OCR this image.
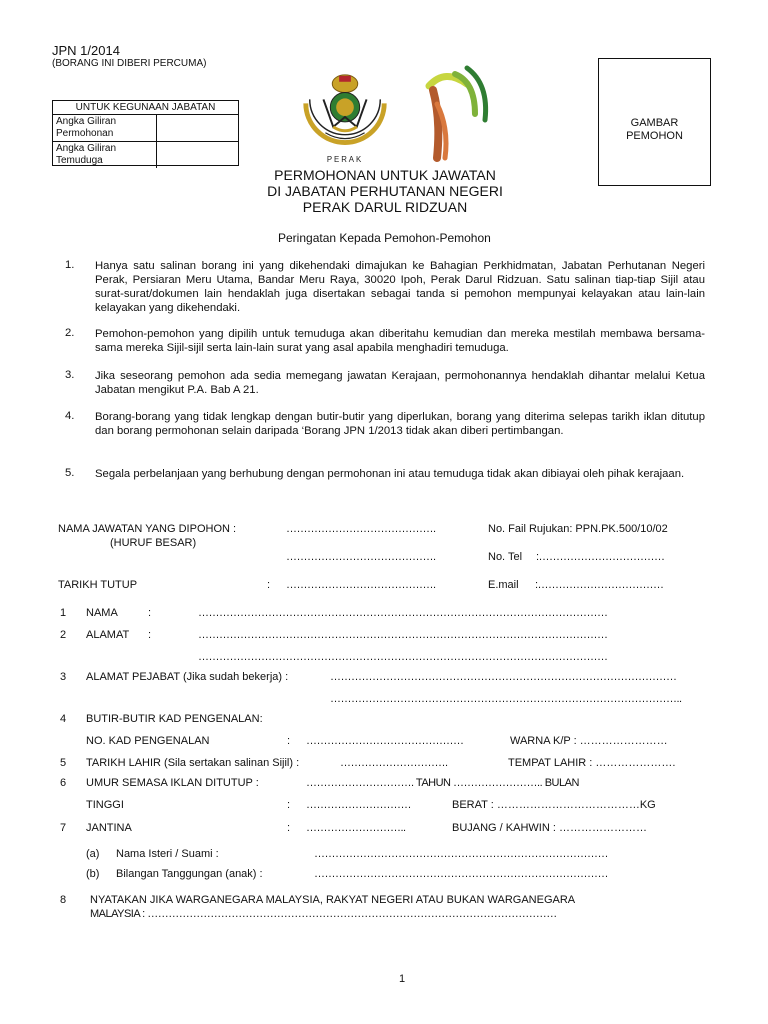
JPN 1/2014
(BORANG INI DIBERI PERCUMA)
UNTUK KEGUNAAN JABATAN
Angka Giliran Permohonan
Angka Giliran Temuduga	PERAK
GAMBAR
PEMOHON
PERMOHONAN UNTUK JAWATAN
DI JABATAN PERHUTANAN NEGERI
PERAK DARUL RIDZUAN
Peringatan Kepada Pemohon-Pemohon
1. Hanya satu salinan borang ini yang dikehendaki dimajukan ke Bahagian Perkhidmatan, Jabatan Perhutanan Negeri Perak, Persiaran Meru Utama, Bandar Meru Raya, 30020 Ipoh, Perak Darul Ridzuan. Satu salinan tiap-tiap Sijil atau surat-surat/dokumen lain hendaklah juga disertakan sebagai tanda si pemohon mempunyai kelayakan atau lain-lain kelayakan yang dikehendaki.
2. Pemohon-pemohon yang dipilih untuk temuduga akan diberitahu kemudian dan mereka mestilah membawa bersama-sama mereka Sijil-sijil serta lain-lain surat yang asal apabila menghadiri temuduga.
3. Jika seseorang pemohon ada sedia memegang jawatan Kerajaan, permohonannya hendaklah dihantar melalui Ketua Jabatan mengikut P.A. Bab A 21.
4. Borang-borang yang tidak lengkap dengan butir-butir yang diperlukan, borang yang diterima selepas tarikh iklan ditutup dan borang permohonan selain daripada ‘Borang JPN 1/2013 tidak akan diberi pertimbangan.
5. Segala perbelanjaan yang berhubung dengan permohonan ini atau temuduga tidak akan dibiayai oleh pihak kerajaan.
NAMA JAWATAN YANG DIPOHON :	…………………………………….	No. Fail Rujukan: PPN.PK.500/10/02
(HURUF BESAR)
…………………………………….	No. Tel :………………………………
TARIKH TUTUP	: …………………………………….	E.mail :………………………………
1 NAMA	:	………………………………………………………………………………………………………
2 ALAMAT :	………………………………………………………………………………………………………
………………………………………………………………………………………………………
3 ALAMAT PEJABAT (Jika sudah bekerja) :	………………………………………………………………………………………
………………………………………………………………………………………..
4 BUTIR-BUTIR KAD PENGENALAN:
NO. KAD PENGENALAN	: ………………………………………	WARNA K/P : ……………………
5 TARIKH LAHIR (Sila sertakan salinan Sijil) :	………………………….	TEMPAT LAHIR : ………………….
6 UMUR SEMASA IKLAN DITUTUP :	…………………………. TAHUN …………………….. BULAN
TINGGI	: …………………………	BERAT : …………………………………KG
7 JANTINA	: ………………………..	BUJANG / KAHWIN : ……………………
(a) Nama Isteri / Suami :	…………………………………………………………………………
(b) Bilangan Tanggungan (anak) :	…………………………………………………………………………
8 NYATAKAN JIKA WARGANEGARA MALAYSIA, RAKYAT NEGERI ATAU BUKAN WARGANEGARA
MALAYSIA : ………………………………………………………………………………………………………
1
